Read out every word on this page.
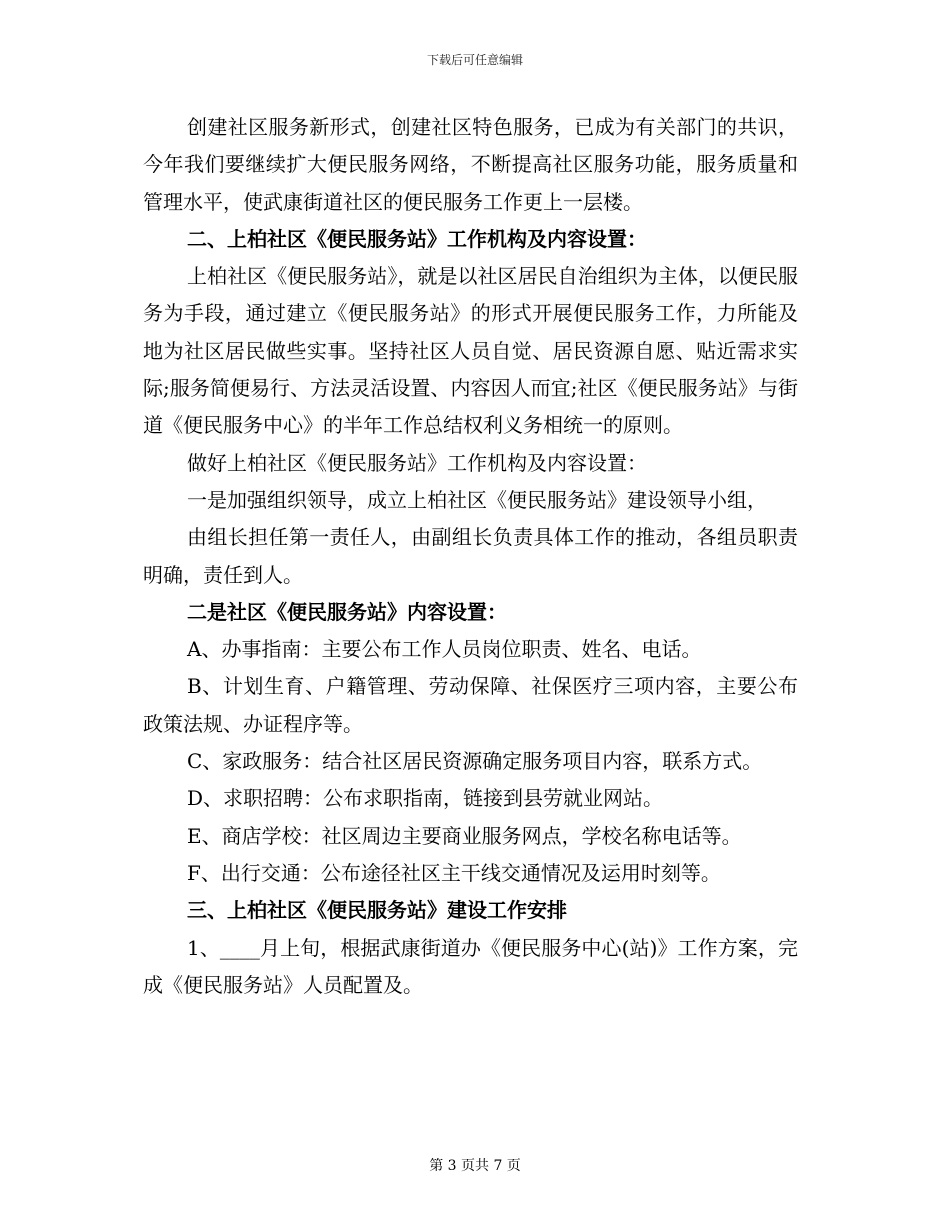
下载后可任意编辑

创建社区服务新形式，创建社区特色服务，已成为有关部门的共识，今年我们要继续扩大便民服务网络，不断提高社区服务功能，服务质量和管理水平，使武康街道社区的便民服务工作更上一层楼。

二、上柏社区《便民服务站》工作机构及内容设置：

上柏社区《便民服务站》，就是以社区居民自治组织为主体，以便民服务为手段，通过建立《便民服务站》的形式开展便民服务工作，力所能及地为社区居民做些实事。坚持社区人员自觉、居民资源自愿、贴近需求实际;服务简便易行、方法灵活设置、内容因人而宜;社区《便民服务站》与街道《便民服务中心》的半年工作总结权利义务相统一的原则。

做好上柏社区《便民服务站》工作机构及内容设置：

一是加强组织领导，成立上柏社区《便民服务站》建设领导小组，

由组长担任第一责任人，由副组长负责具体工作的推动，各组员职责明确，责任到人。

二是社区《便民服务站》内容设置：

A、办事指南：主要公布工作人员岗位职责、姓名、电话。

B、计划生育、户籍管理、劳动保障、社保医疗三项内容，主要公布政策法规、办证程序等。

C、家政服务：结合社区居民资源确定服务项目内容，联系方式。

D、求职招聘：公布求职指南，链接到县劳就业网站。

E、商店学校：社区周边主要商业服务网点，学校名称电话等。

F、出行交通：公布途径社区主干线交通情况及运用时刻等。

三、上柏社区《便民服务站》建设工作安排

1、____月上旬，根据武康街道办《便民服务中心(站)》工作方案，完成《便民服务站》人员配置及。

第 3 页共 7 页
